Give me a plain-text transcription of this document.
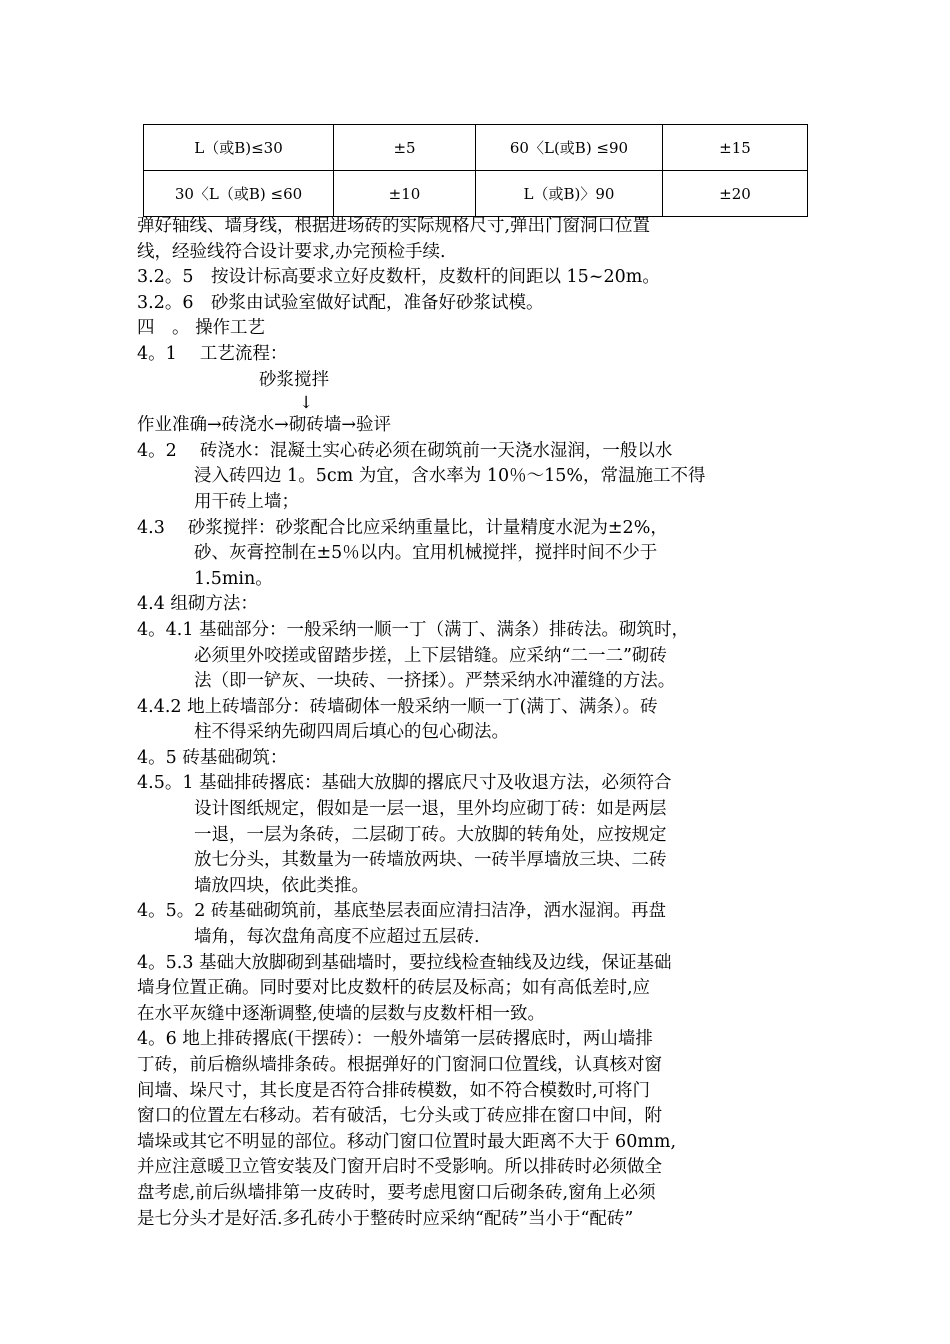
L（或B)≤30	±5	60〈L(或B) ≤90	±15
30〈L（或B) ≤60	±10	L（或B)〉90	±20
弹好轴线、墙身线，根据进场砖的实际规格尺寸,弹出门窗洞口位置
线，经验线符合设计要求,办完预检手续.
3.2。5　按设计标高要求立好皮数杆，皮数杆的间距以 15~20m。
3.2。6　砂浆由试验室做好试配，准备好砂浆试模。
四　。 操作工艺
4。1　 工艺流程：
砂浆搅拌
↓
作业准确→砖浇水→砌砖墙→验评
4。2　 砖浇水：混凝土实心砖必须在砌筑前一天浇水湿润，一般以水
浸入砖四边 1。5cm 为宜，含水率为 10％～15%，常温施工不得
用干砖上墙；
4.3　 砂浆搅拌：砂浆配合比应采纳重量比，计量精度水泥为±2%，
砂、灰膏控制在±5％以内。宜用机械搅拌，搅拌时间不少于
1.5min。
4.4 组砌方法：
4。4.1 基础部分：一般采纳一顺一丁（满丁、满条）排砖法。砌筑时，
必须里外咬搓或留踏步搓，上下层错缝。应采纳“二一二”砌砖
法（即一铲灰、一块砖、一挤揉）。严禁采纳水冲灌缝的方法。
4.4.2 地上砖墙部分：砖墙砌体一般采纳一顺一丁(满丁、满条）。砖
柱不得采纳先砌四周后填心的包心砌法。
4。5 砖基础砌筑：
4.5。1 基础排砖撂底：基础大放脚的撂底尺寸及收退方法，必须符合
设计图纸规定，假如是一层一退，里外均应砌丁砖：如是两层
一退，一层为条砖，二层砌丁砖。大放脚的转角处，应按规定
放七分头，其数量为一砖墙放两块、一砖半厚墙放三块、二砖
墙放四块，依此类推。
4。5。2 砖基础砌筑前，基底垫层表面应清扫洁净，洒水湿润。再盘
墙角，每次盘角高度不应超过五层砖.
4。5.3 基础大放脚砌到基础墙时，要拉线检查轴线及边线，保证基础
墙身位置正确。同时要对比皮数杆的砖层及标高；如有高低差时,应
在水平灰缝中逐渐调整,使墙的层数与皮数杆相一致。
4。6 地上排砖撂底(干摆砖）：一般外墙第一层砖撂底时，两山墙排
丁砖，前后檐纵墙排条砖。根据弹好的门窗洞口位置线，认真核对窗
间墙、垛尺寸，其长度是否符合排砖模数，如不符合模数时,可将门
窗口的位置左右移动。若有破活，七分头或丁砖应排在窗口中间，附
墙垛或其它不明显的部位。移动门窗口位置时最大距离不大于 60mm,
并应注意暖卫立管安装及门窗开启时不受影响。所以排砖时必须做全
盘考虑,前后纵墙排第一皮砖时，要考虑甩窗口后砌条砖,窗角上必须
是七分头才是好活.多孔砖小于整砖时应采纳“配砖”当小于“配砖”
